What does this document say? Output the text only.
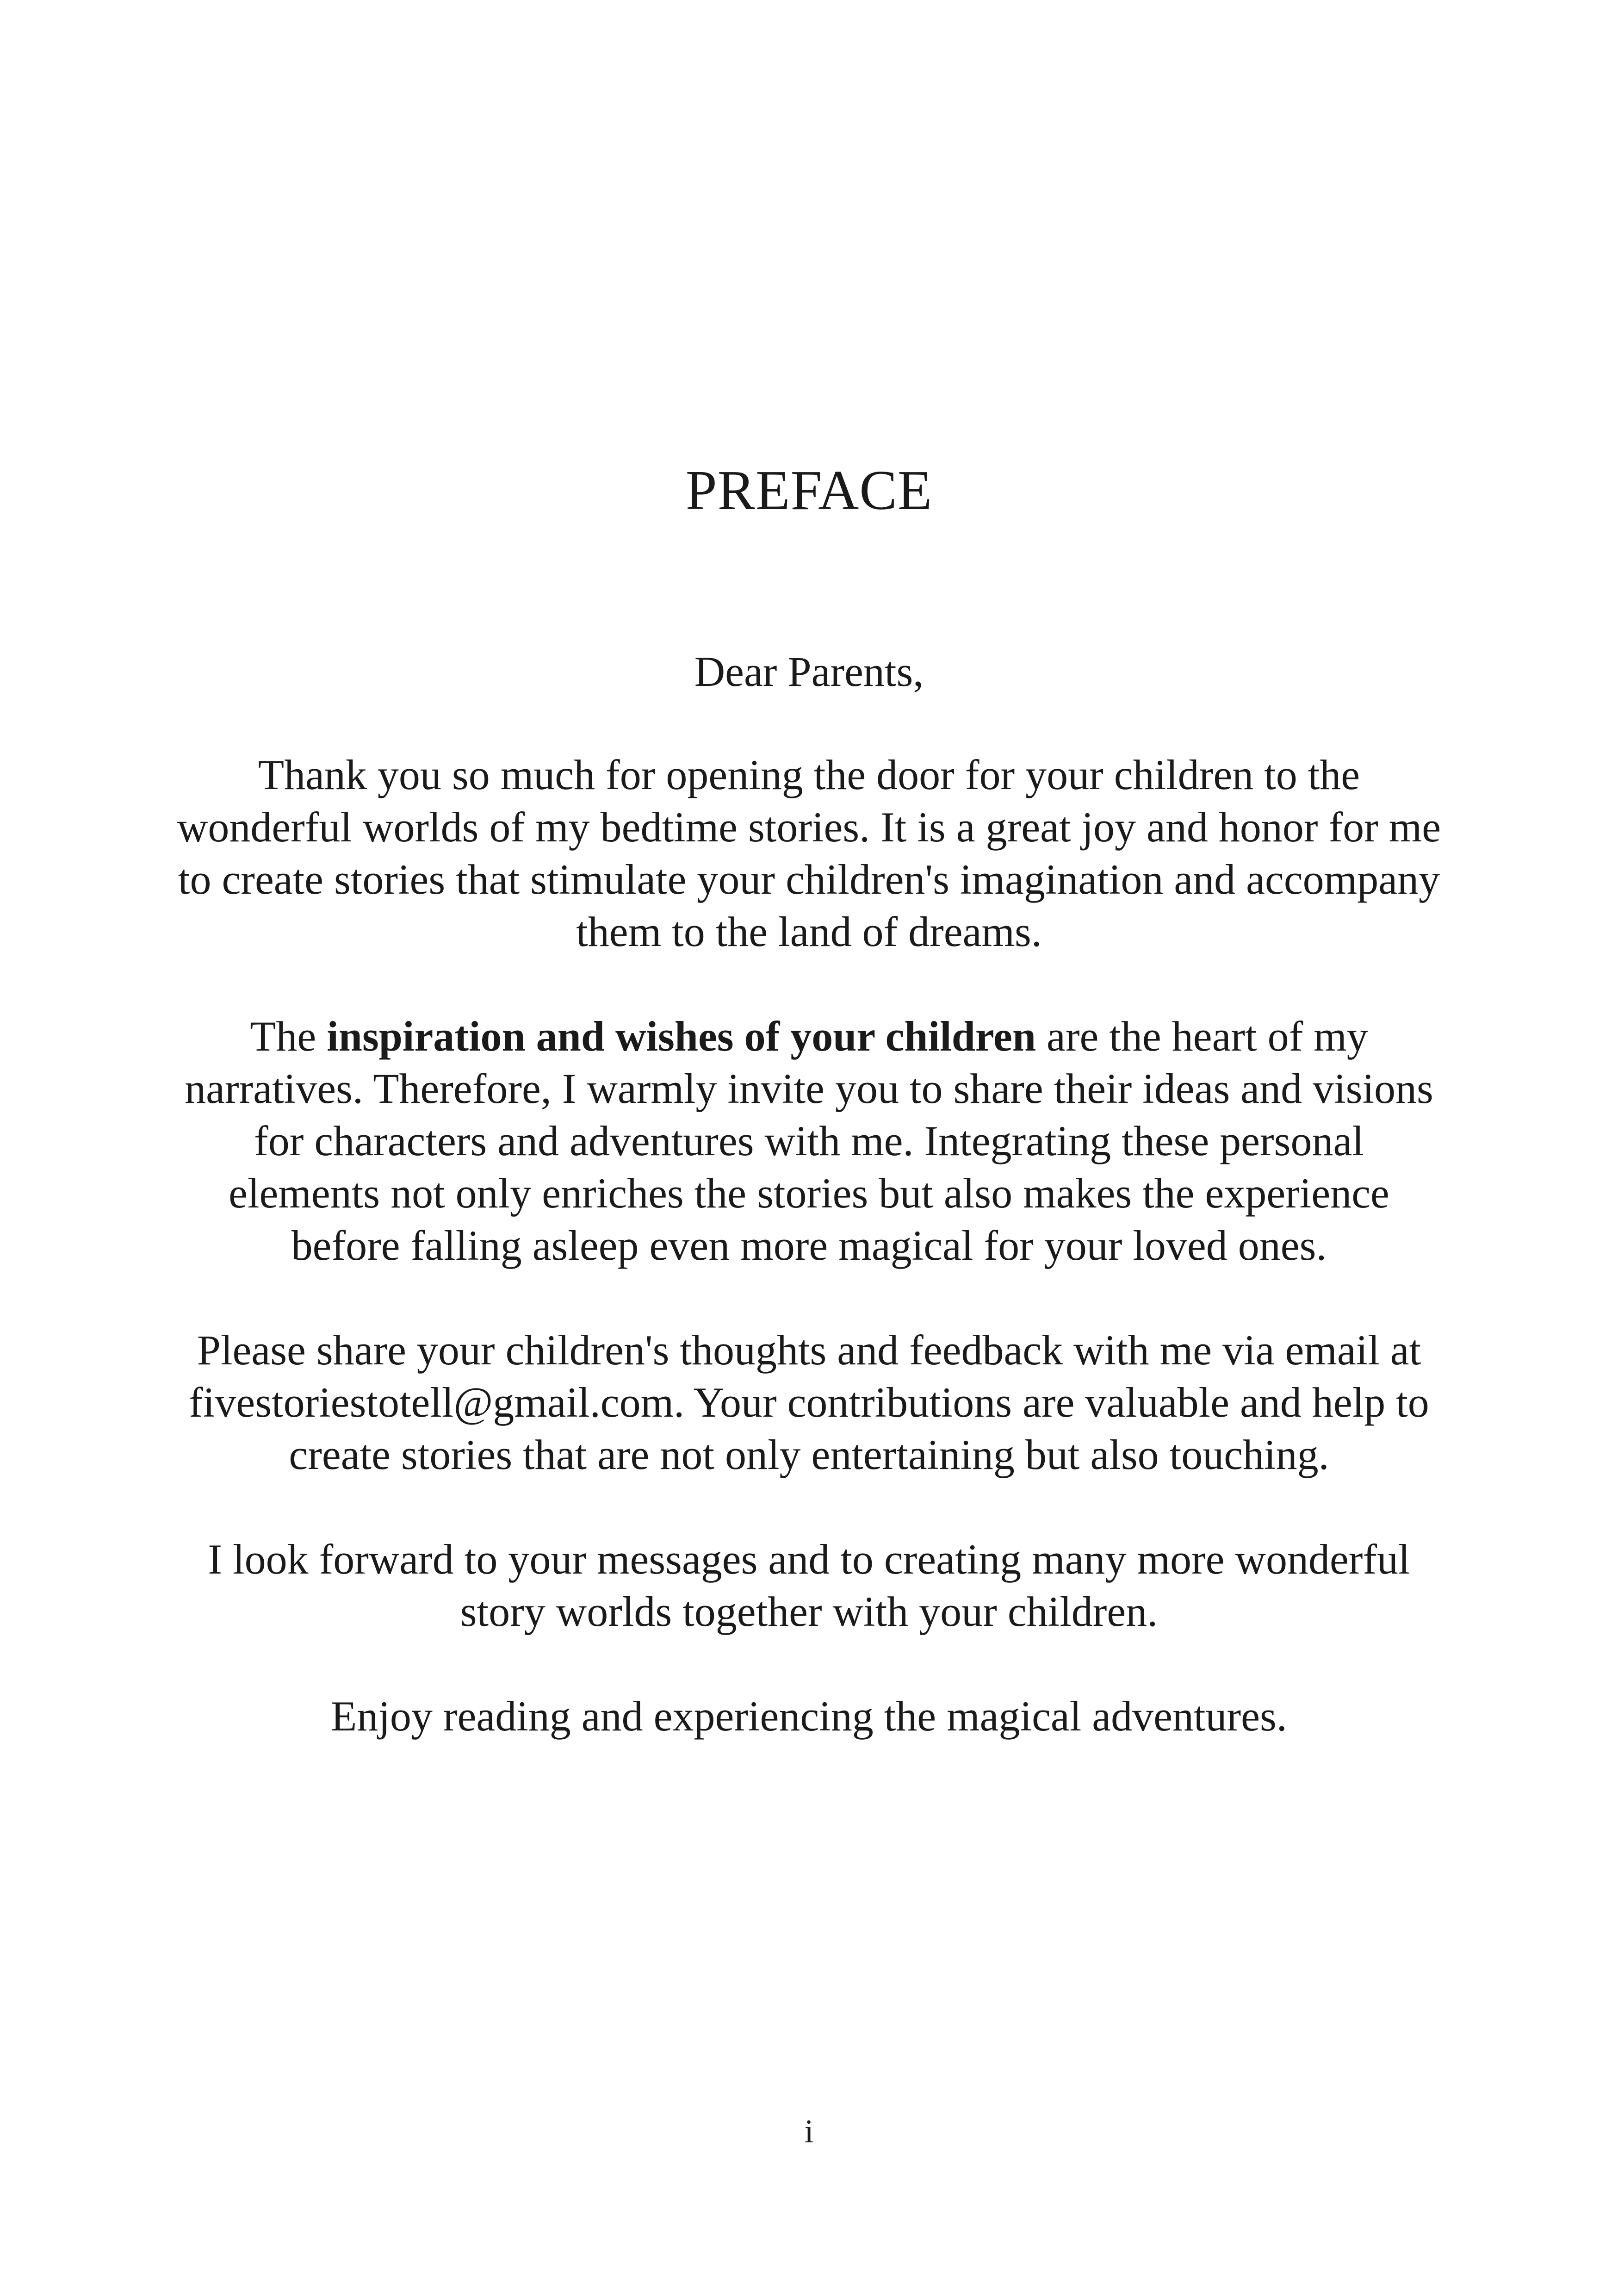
PREFACE

Dear Parents,

Thank you so much for opening the door for your children to the wonderful worlds of my bedtime stories. It is a great joy and honor for me to create stories that stimulate your children's imagination and accompany them to the land of dreams.

The inspiration and wishes of your children are the heart of my narratives. Therefore, I warmly invite you to share their ideas and visions for characters and adventures with me. Integrating these personal elements not only enriches the stories but also makes the experience before falling asleep even more magical for your loved ones.

Please share your children's thoughts and feedback with me via email at fivestoriestotell@gmail.com. Your contributions are valuable and help to create stories that are not only entertaining but also touching.

I look forward to your messages and to creating many more wonderful story worlds together with your children.

Enjoy reading and experiencing the magical adventures.

i
